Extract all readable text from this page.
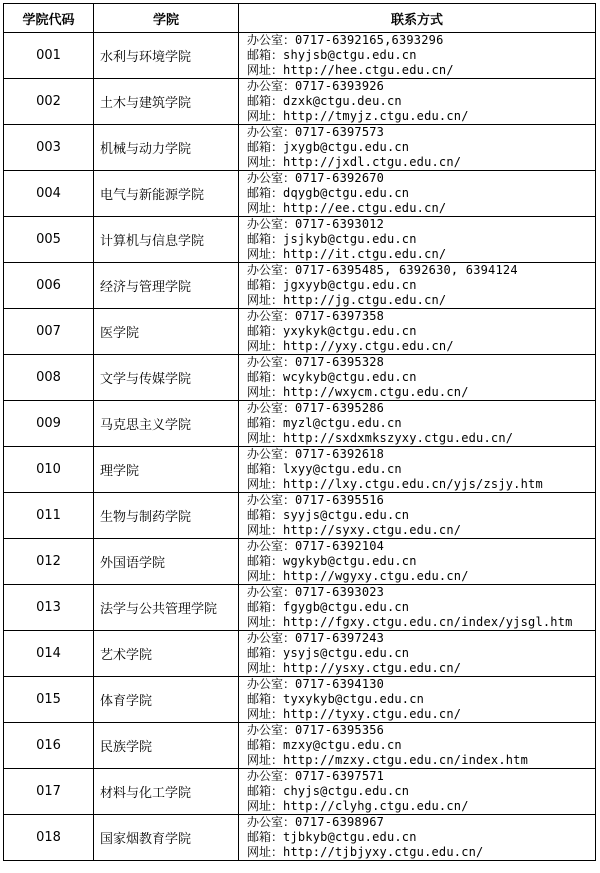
学院代码	学院	联系方式
001	水利与环境学院	办公室：0717-6392165,6393296
邮箱：shyjsb@ctgu.edu.cn
网址：http://hee.ctgu.edu.cn/

002	土木与建筑学院	办公室：0717-6393926
邮箱：dzxk@ctgu.deu.cn
网址：http://tmyjz.ctgu.edu.cn/

003	机械与动力学院	办公室：0717-6397573
邮箱：jxygb@ctgu.edu.cn
网址：http://jxdl.ctgu.edu.cn/

004	电气与新能源学院	办公室：0717-6392670
邮箱：dqygb@ctgu.edu.cn
网址：http://ee.ctgu.edu.cn/

005	计算机与信息学院	办公室：0717-6393012
邮箱：jsjkyb@ctgu.edu.cn
网址：http://it.ctgu.edu.cn/

006	经济与管理学院	办公室：0717-6395485, 6392630, 6394124
邮箱：jgxyyb@ctgu.edu.cn
网址：http://jg.ctgu.edu.cn/

007	医学院	办公室：0717-6397358
邮箱：yxykyk@ctgu.edu.cn
网址：http://yxy.ctgu.edu.cn/

008	文学与传媒学院	办公室：0717-6395328
邮箱：wcykyb@ctgu.edu.cn
网址：http://wxycm.ctgu.edu.cn/

009	马克思主义学院	办公室：0717-6395286
邮箱：myzl@ctgu.edu.cn
网址：http://sxdxmkszyxy.ctgu.edu.cn/

010	理学院	办公室：0717-6392618
邮箱：lxyy@ctgu.edu.cn
网址：http://lxy.ctgu.edu.cn/yjs/zsjy.htm

011	生物与制药学院	办公室：0717-6395516
邮箱：syyjs@ctgu.edu.cn
网址：http://syxy.ctgu.edu.cn/

012	外国语学院	办公室：0717-6392104
邮箱：wgykyb@ctgu.edu.cn
网址：http://wgyxy.ctgu.edu.cn/

013	法学与公共管理学院	办公室：0717-6393023
邮箱：fgygb@ctgu.edu.cn
网址：http://fgxy.ctgu.edu.cn/index/yjsgl.htm

014	艺术学院	办公室：0717-6397243
邮箱：ysyjs@ctgu.edu.cn
网址：http://ysxy.ctgu.edu.cn/

015	体育学院	办公室：0717-6394130
邮箱：tyxykyb@ctgu.edu.cn
网址：http://tyxy.ctgu.edu.cn/

016	民族学院	办公室：0717-6395356
邮箱：mzxy@ctgu.edu.cn
网址：http://mzxy.ctgu.edu.cn/index.htm

017	材料与化工学院	办公室：0717-6397571
邮箱：chyjs@ctgu.edu.cn
网址：http://clyhg.ctgu.edu.cn/

018	国家烟教育学院	办公室：0717-6398967
邮箱：tjbkyb@ctgu.edu.cn
网址：http://tjbjyxy.ctgu.edu.cn/
